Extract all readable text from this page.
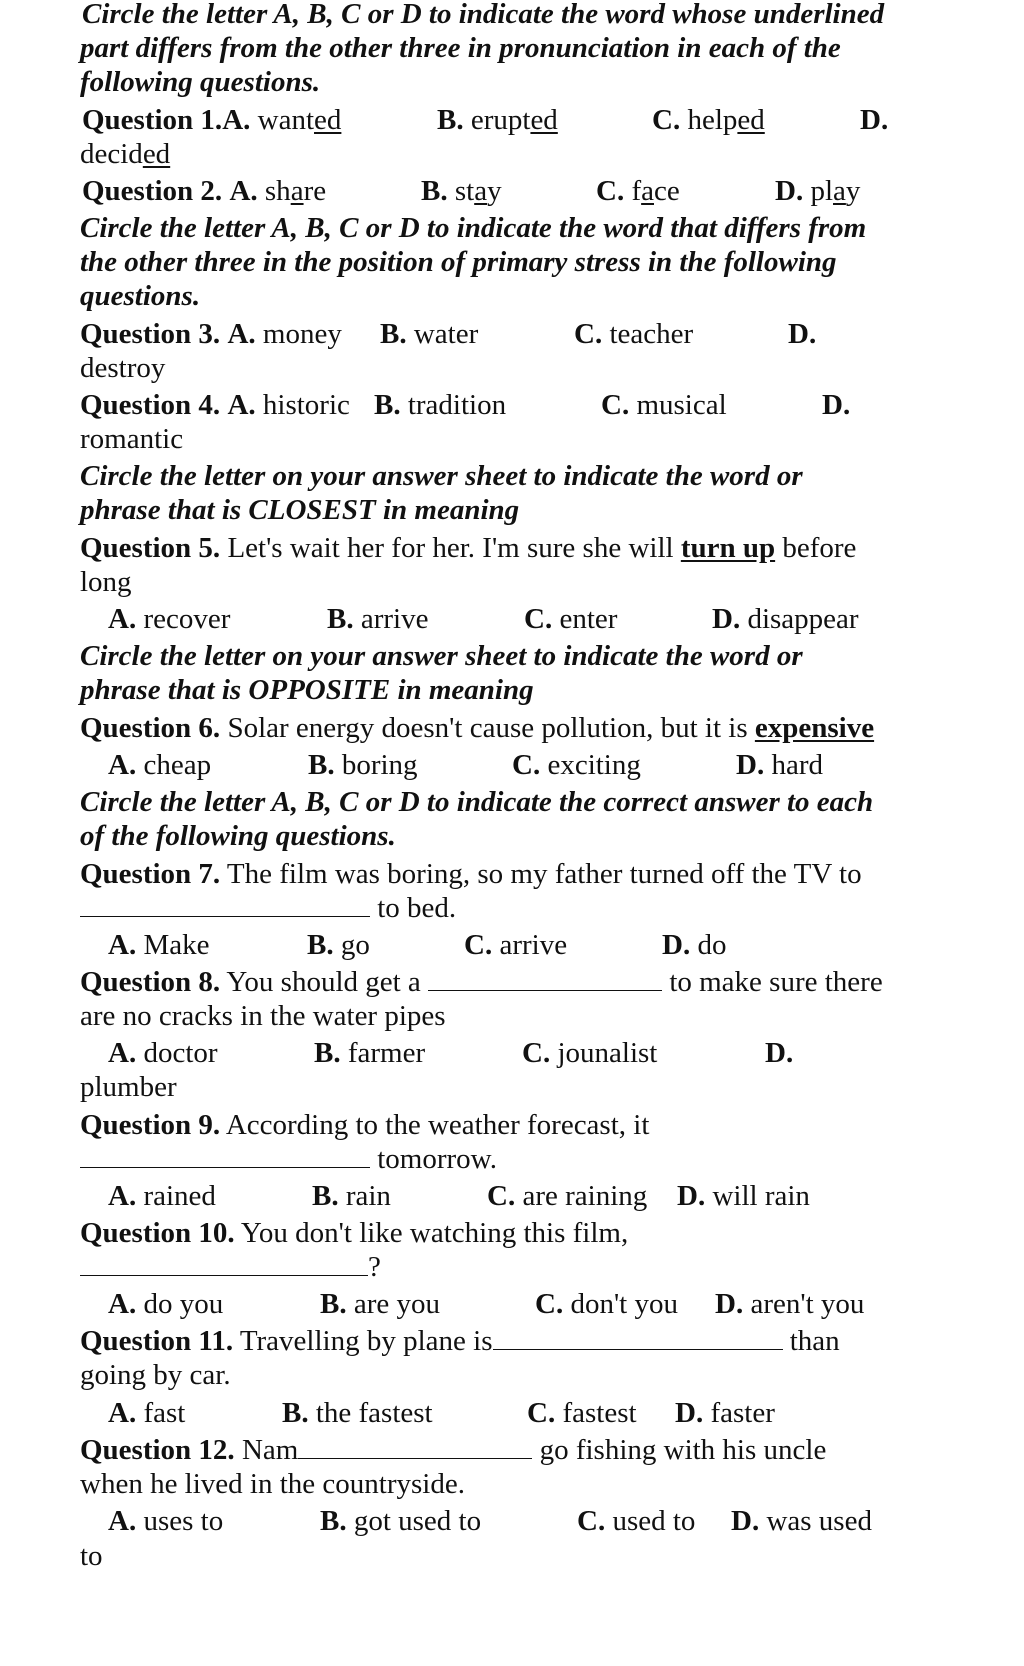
Circle the letter A, B, C or D to indicate the word whose underlined
part differs from the other three in pronunciation in each of the
following questions.
Question 1.A. wanted	B. erupted	C. helped	D.
decided
Question 2. A. share	B. stay	C. face	D. play
Circle the letter A, B, C or D to indicate the word that differs from
the other three in the position of primary stress in the following
questions.
Question 3. A. money B. water	C. teacher	D.
destroy
Question 4. A. historic B. tradition	C. musical	D.
romantic
Circle the letter on your answer sheet to indicate the word or
phrase that is CLOSEST in meaning
Question 5. Let's wait her for her. I'm sure she will turn up before
long
A. recover	B. arrive	C. enter	D. disappear
Circle the letter on your answer sheet to indicate the word or
phrase that is OPPOSITE in meaning
Question 6. Solar energy doesn't cause pollution, but it is expensive
A. cheap	B. boring	C. exciting	D. hard
Circle the letter A, B, C or D to indicate the correct answer to each
of the following questions.
Question 7. The film was boring, so my father turned off the TV to
to bed.
A. Make	B. go	C. arrive	D. do
Question 8. You should get a	to make sure there
are no cracks in the water pipes
A. doctor	B. farmer	C. jounalist	D.
plumber
Question 9. According to the weather forecast, it
tomorrow.
A. rained	B. rain	C. are raining D. will rain
Question 10. You don't like watching this film,
?
A. do you	B. are you	C. don't you D. aren't you
Question 11. Travelling by plane is	than
going by car.
A. fast	B. the fastest	C. fastest D. faster
Question 12. Nam	go fishing with his uncle
when he lived in the countryside.
A. uses to	B. got used to	C. used to D. was used
to
